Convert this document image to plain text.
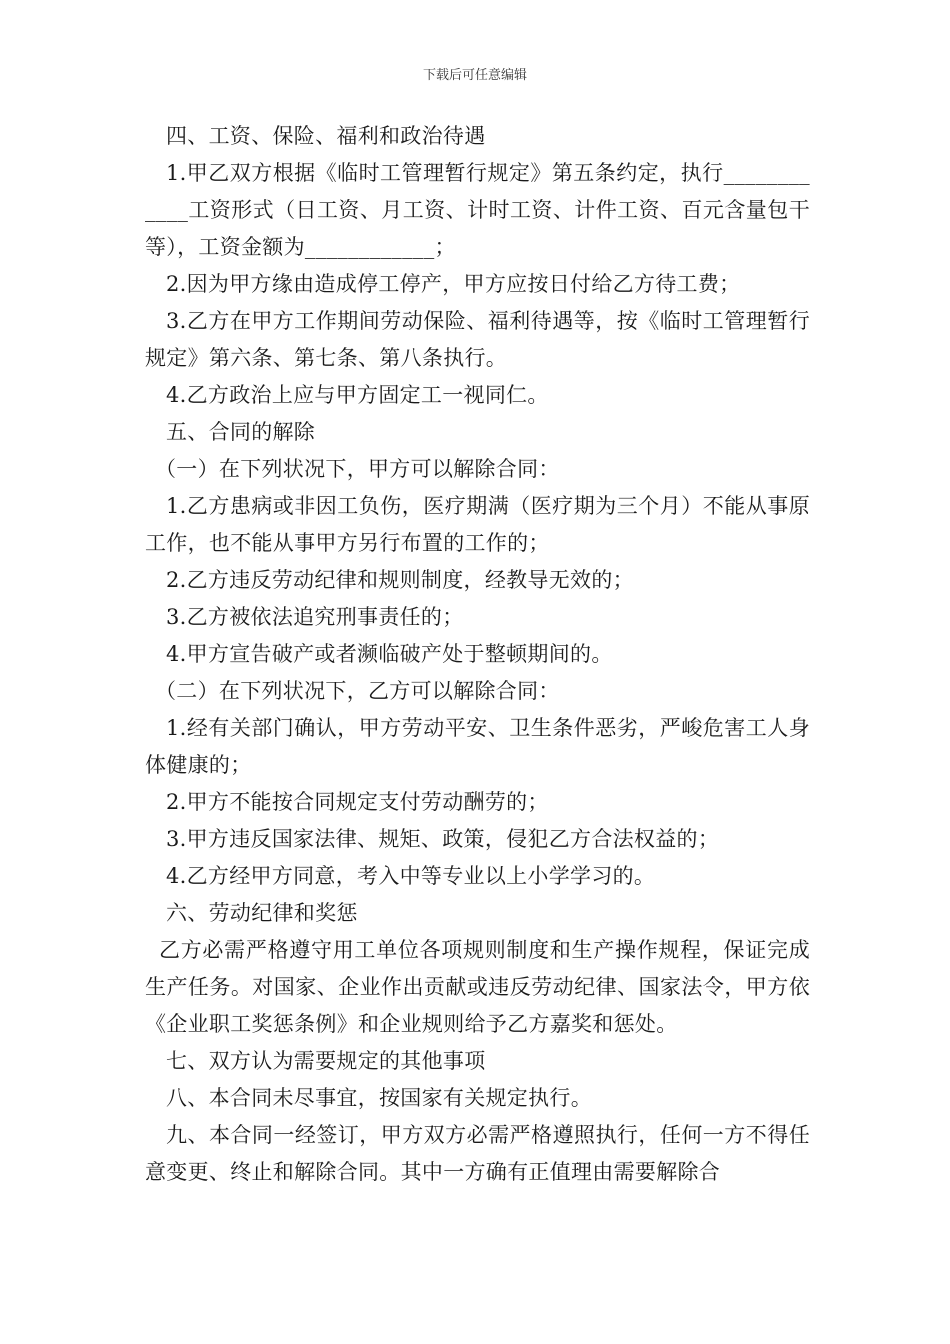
下载后可任意编辑

四、工资、保险、福利和政治待遇

1.甲乙双方根据《临时工管理暂行规定》第五条约定，执行____________工资形式（日工资、月工资、计时工资、计件工资、百元含量包干等），工资金额为____________；

2.因为甲方缘由造成停工停产，甲方应按日付给乙方待工费；

3.乙方在甲方工作期间劳动保险、福利待遇等，按《临时工管理暂行规定》第六条、第七条、第八条执行。

4.乙方政治上应与甲方固定工一视同仁。

五、合同的解除

（一）在下列状况下，甲方可以解除合同：

1.乙方患病或非因工负伤，医疗期满（医疗期为三个月）不能从事原工作，也不能从事甲方另行布置的工作的；

2.乙方违反劳动纪律和规则制度，经教导无效的；

3.乙方被依法追究刑事责任的；

4.甲方宣告破产或者濒临破产处于整顿期间的。

（二）在下列状况下，乙方可以解除合同：

1.经有关部门确认，甲方劳动平安、卫生条件恶劣，严峻危害工人身体健康的；

2.甲方不能按合同规定支付劳动酬劳的；

3.甲方违反国家法律、规矩、政策，侵犯乙方合法权益的；

4.乙方经甲方同意，考入中等专业以上小学学习的。

六、劳动纪律和奖惩

乙方必需严格遵守用工单位各项规则制度和生产操作规程，保证完成生产任务。对国家、企业作出贡献或违反劳动纪律、国家法令，甲方依《企业职工奖惩条例》和企业规则给予乙方嘉奖和惩处。

七、双方认为需要规定的其他事项

八、本合同未尽事宜，按国家有关规定执行。

九、本合同一经签订，甲方双方必需严格遵照执行，任何一方不得任意变更、终止和解除合同。其中一方确有正值理由需要解除合
